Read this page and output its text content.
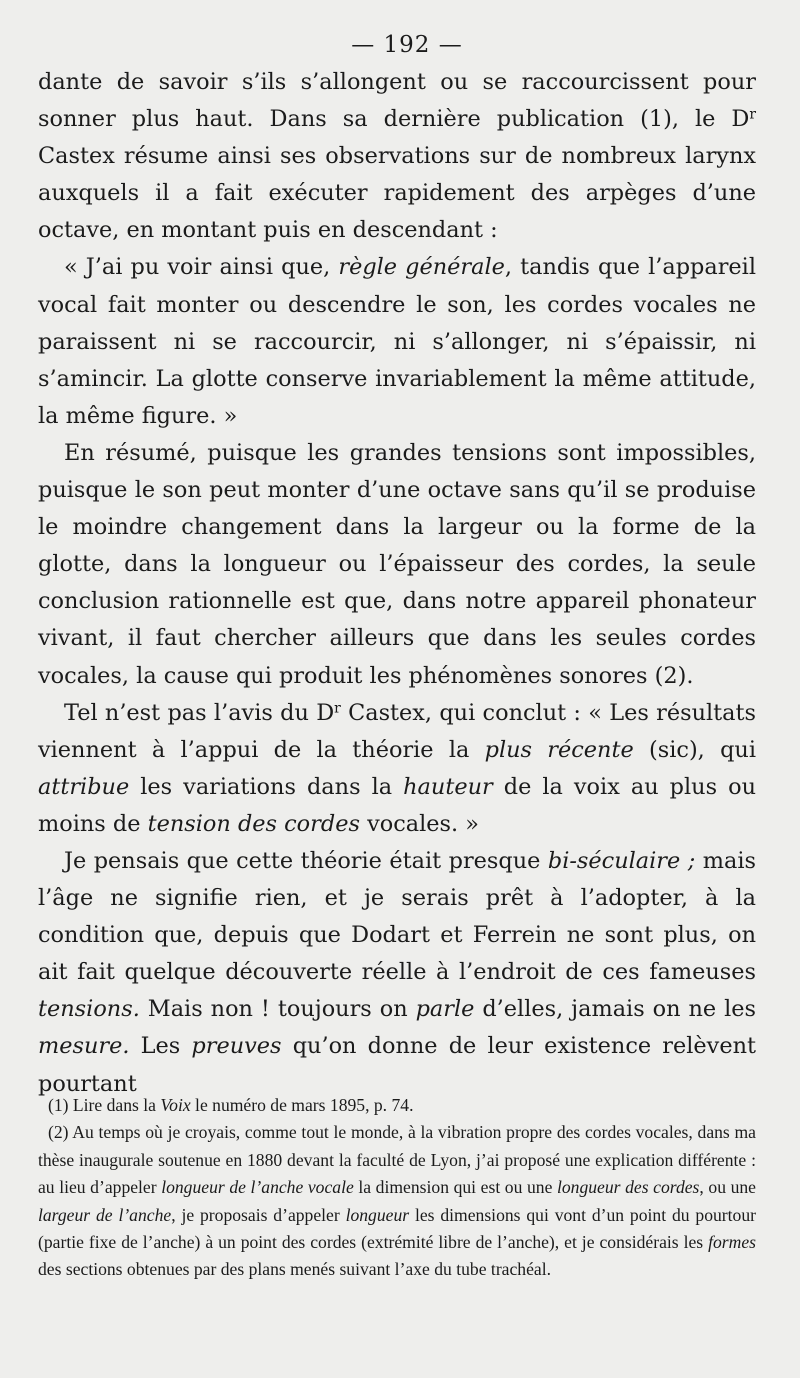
— 192 —

dante de savoir s’ils s’allongent ou se raccourcissent pour sonner plus haut. Dans sa dernière publication (1), le $D^r$ Castex résume ainsi ses observations sur de nombreux larynx auxquels il a fait exécuter rapidement des arpèges d’une octave, en montant puis en descendant :

« J’ai pu voir ainsi que, règle générale, tandis que l’appareil vocal fait monter ou descendre le son, les cordes vocales ne paraissent ni se raccourcir, ni s’allonger, ni s’épaissir, ni s’amincir. La glotte conserve invariablement la même attitude, la même figure. »

En résumé, puisque les grandes tensions sont impossibles, puisque le son peut monter d’une octave sans qu’il se produise le moindre changement dans la largeur ou la forme de la glotte, dans la longueur ou l’épaisseur des cordes, la seule conclusion rationnelle est que, dans notre appareil phonateur vivant, il faut chercher ailleurs que dans les seules cordes vocales, la cause qui produit les phénomènes sonores (2).

Tel n’est pas l’avis du $D^r$ Castex, qui conclut : « Les résultats viennent à l’appui de la théorie la plus récente (sic), qui attribue les variations dans la hauteur de la voix au plus ou moins de tension des cordes vocales. »

Je pensais que cette théorie était presque bi-séculaire ; mais l’âge ne signifie rien, et je serais prêt à l’adopter, à la condition que, depuis que Dodart et Ferrein ne sont plus, on ait fait quelque découverte réelle à l’endroit de ces fameuses tensions. Mais non ! toujours on parle d’elles, jamais on ne les mesure. Les preuves qu’on donne de leur existence relèvent pourtant

(1) Lire dans la Voix le numéro de mars 1895, p. 74.

(2) Au temps où je croyais, comme tout le monde, à la vibration propre des cordes vocales, dans ma thèse inaugurale soutenue en 1880 devant la faculté de Lyon, j’ai proposé une explication différente : au lieu d’appeler longueur de l’anche vocale la dimension qui est ou une longueur des cordes, ou une largeur de l’anche, je proposais d’appeler longueur les dimensions qui vont d’un point du pourtour (partie fixe de l’anche) à un point des cordes (extrémité libre de l’anche), et je considérais les formes des sections obtenues par des plans menés suivant l’axe du tube trachéal.
